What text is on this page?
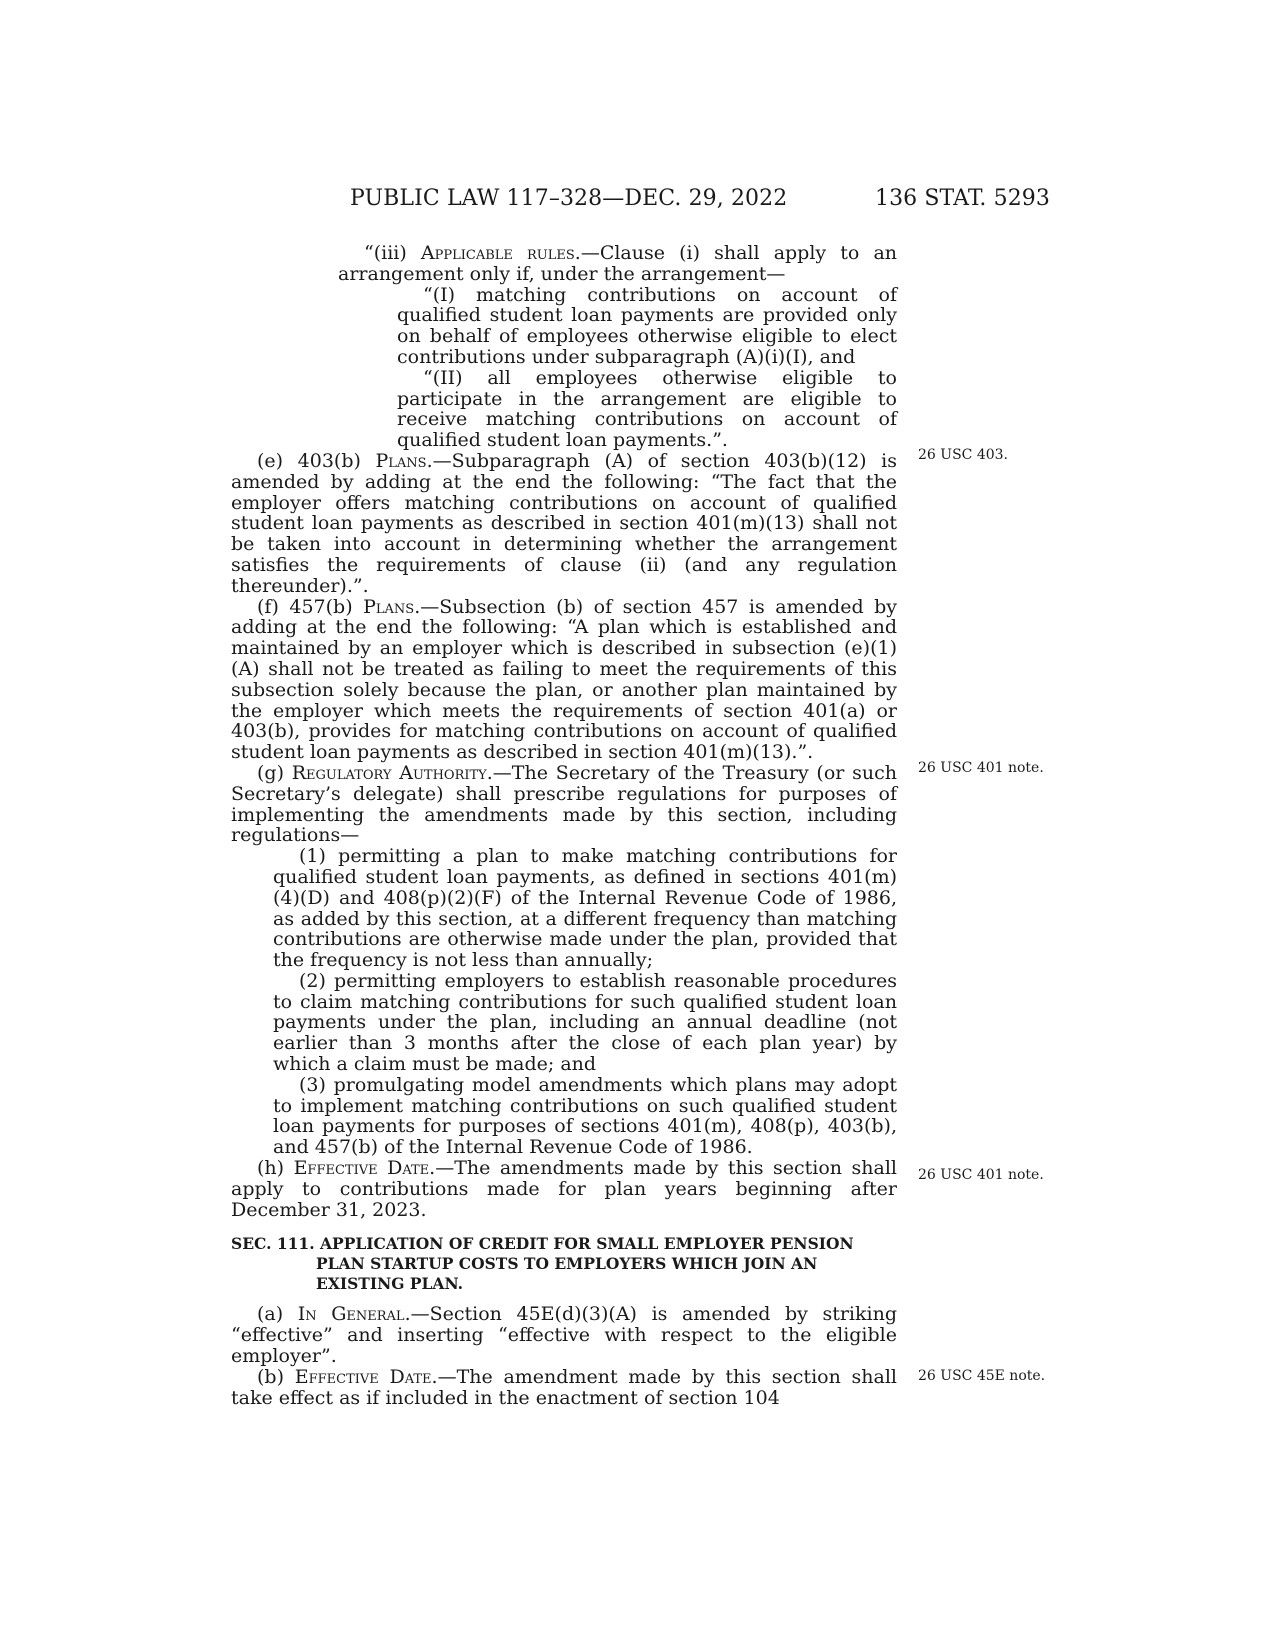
PUBLIC LAW 117–328—DEC. 29, 2022	136 STAT. 5293

“(iii) Applicable rules.—Clause (i) shall apply to an arrangement only if, under the arrangement—

“(I) matching contributions on account of qualified student loan payments are provided only on behalf of employees otherwise eligible to elect contributions under subparagraph (A)(i)(I), and

“(II) all employees otherwise eligible to participate in the arrangement are eligible to receive matching contributions on account of qualified student loan payments.”.

(e) 403(b) Plans.—Subparagraph (A) of section 403(b)(12) is amended by adding at the end the following: “The fact that the employer offers matching contributions on account of qualified student loan payments as described in section 401(m)(13) shall not be taken into account in determining whether the arrangement satisfies the requirements of clause (ii) (and any regulation thereunder).”.

(f) 457(b) Plans.—Subsection (b) of section 457 is amended by adding at the end the following: “A plan which is established and maintained by an employer which is described in subsection (e)(1)(A) shall not be treated as failing to meet the requirements of this subsection solely because the plan, or another plan maintained by the employer which meets the requirements of section 401(a) or 403(b), provides for matching contributions on account of qualified student loan payments as described in section 401(m)(13).”.

(g) Regulatory Authority.—The Secretary of the Treasury (or such Secretary’s delegate) shall prescribe regulations for purposes of implementing the amendments made by this section, including regulations—

(1) permitting a plan to make matching contributions for qualified student loan payments, as defined in sections 401(m)(4)(D) and 408(p)(2)(F) of the Internal Revenue Code of 1986, as added by this section, at a different frequency than matching contributions are otherwise made under the plan, provided that the frequency is not less than annually;

(2) permitting employers to establish reasonable procedures to claim matching contributions for such qualified student loan payments under the plan, including an annual deadline (not earlier than 3 months after the close of each plan year) by which a claim must be made; and

(3) promulgating model amendments which plans may adopt to implement matching contributions on such qualified student loan payments for purposes of sections 401(m), 408(p), 403(b), and 457(b) of the Internal Revenue Code of 1986.

(h) Effective Date.—The amendments made by this section shall apply to contributions made for plan years beginning after December 31, 2023.

SEC. 111. APPLICATION OF CREDIT FOR SMALL EMPLOYER PENSION PLAN STARTUP COSTS TO EMPLOYERS WHICH JOIN AN EXISTING PLAN.

(a) In General.—Section 45E(d)(3)(A) is amended by striking “effective” and inserting “effective with respect to the eligible employer”.

(b) Effective Date.—The amendment made by this section shall take effect as if included in the enactment of section 104

26 USC 403.
26 USC 401 note.
26 USC 401 note.
26 USC 45E note.
